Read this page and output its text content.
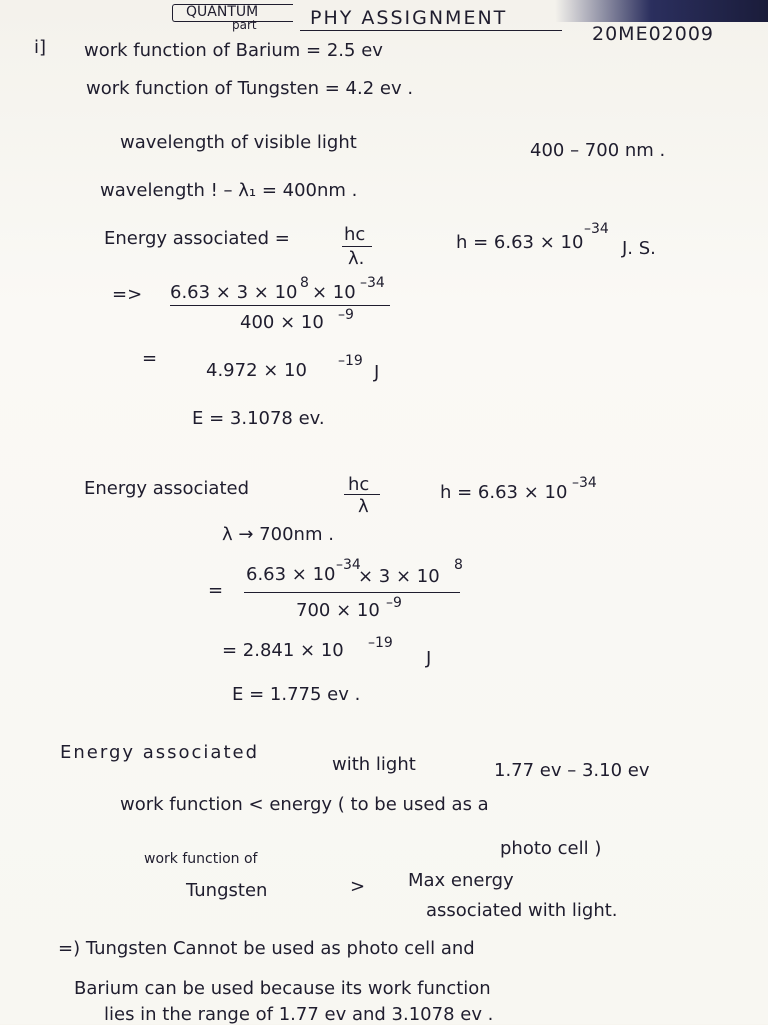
QUANTUM
part	PHY ASSIGNMENT
20ME02009
i] work function of Barium = 2.5 ev
work function of Tungsten = 4.2 ev .
wavelength of visible light	400 – 700 nm .
wavelength ! – λ₁ = 400nm .
Energy associated =	hc
λ.
h = 6.63 × 10
–34
J. S.
=> 6.63 × 3 × 10 8 × 10 –34
400 × 10 –9
=
4.972 × 10 –19
J
E = 3.1078 ev.
Energy associated	hc
λ
h = 6.63 × 10 –34
λ → 700nm .
6.63 × 10 –34
× 3 × 10
8
=
700 × 10 –9
= 2.841 × 10 –19
J
E = 1.775 ev .
Energy associated
with light	1.77 ev – 3.10 ev
work function < energy ( to be used as a
photo cell )
work function of
Tungsten	> Max energy
associated with light.
=) Tungsten Cannot be used as photo cell and
Barium can be used because its work function
lies in the range of 1.77 ev and 3.1078 ev .
